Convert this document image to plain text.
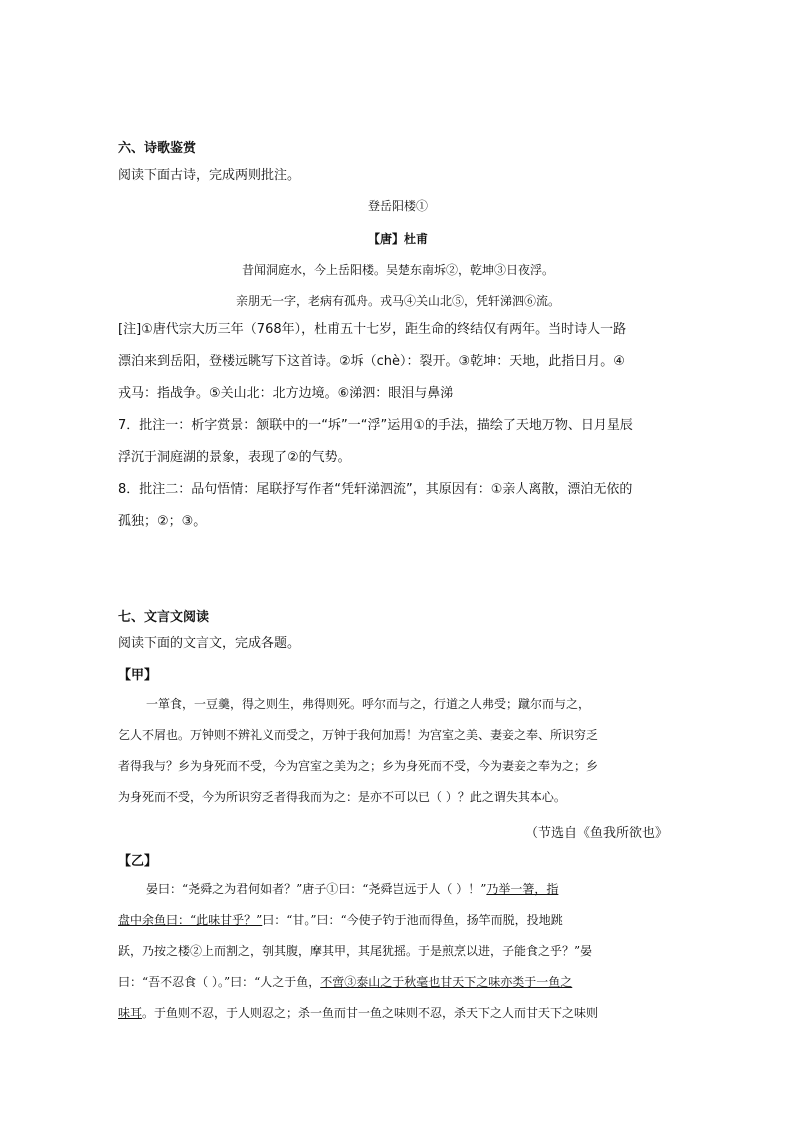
六、诗歌鉴赏
阅读下面古诗，完成两则批注。
登岳阳楼①
【唐】杜甫
昔闻洞庭水，今上岳阳楼。吴楚东南坼②，乾坤③日夜浮。
亲朋无一字，老病有孤舟。戎马④关山北⑤，凭轩涕泗⑥流。

[注]①唐代宗大历三年（768年），杜甫五十七岁，距生命的终结仅有两年。当时诗人一路

漂泊来到岳阳，登楼远眺写下这首诗。②坼（chè）：裂开。③乾坤：天地，此指日月。④

戎马：指战争。⑤关山北：北方边境。⑥涕泗：眼泪与鼻涕

7．批注一：析字赏景：颔联中的一“坼”一“浮”运用①的手法，描绘了天地万物、日月星辰

浮沉于洞庭湖的景象，表现了②的气势。

8．批注二：品句悟情：尾联抒写作者“凭轩涕泗流”，其原因有：①亲人离散，漂泊无依的

孤独；②；③。

七、文言文阅读
阅读下面的文言文，完成各题。
【甲】

一箪食，一豆羹，得之则生，弗得则死。呼尔而与之，行道之人弗受；蹴尔而与之，

乞人不屑也。万钟则不辨礼义而受之，万钟于我何加焉！为宫室之美、妻妾之奉、所识穷乏

者得我与？乡为身死而不受，今为宫室之美为之；乡为身死而不受，今为妻妾之奉为之；乡

为身死而不受，今为所识穷乏者得我而为之：是亦不可以已（ ）？此之谓失其本心。

（节选自《鱼我所欲也》
【乙】

晏曰：“尧舜之为君何如者？”唐子①曰：“尧舜岂远于人（ ）！”乃举一箸，指

盘中余鱼曰：“此味甘乎？”曰：“甘。”曰：“今使子钓于池而得鱼，扬竿而脱，投地跳

跃，乃按之楼②上而割之，刳其腹，摩其甲，其尾犹摇。于是煎烹以进，子能食之乎？”晏

曰：“吾不忍食（ ）。”曰：“人之于鱼，不啻③泰山之于秋毫也甘天下之味亦类于一鱼之

味耳。于鱼则不忍，于人则忍之；杀一鱼而甘一鱼之味则不忍，杀天下之人而甘天下之味则
